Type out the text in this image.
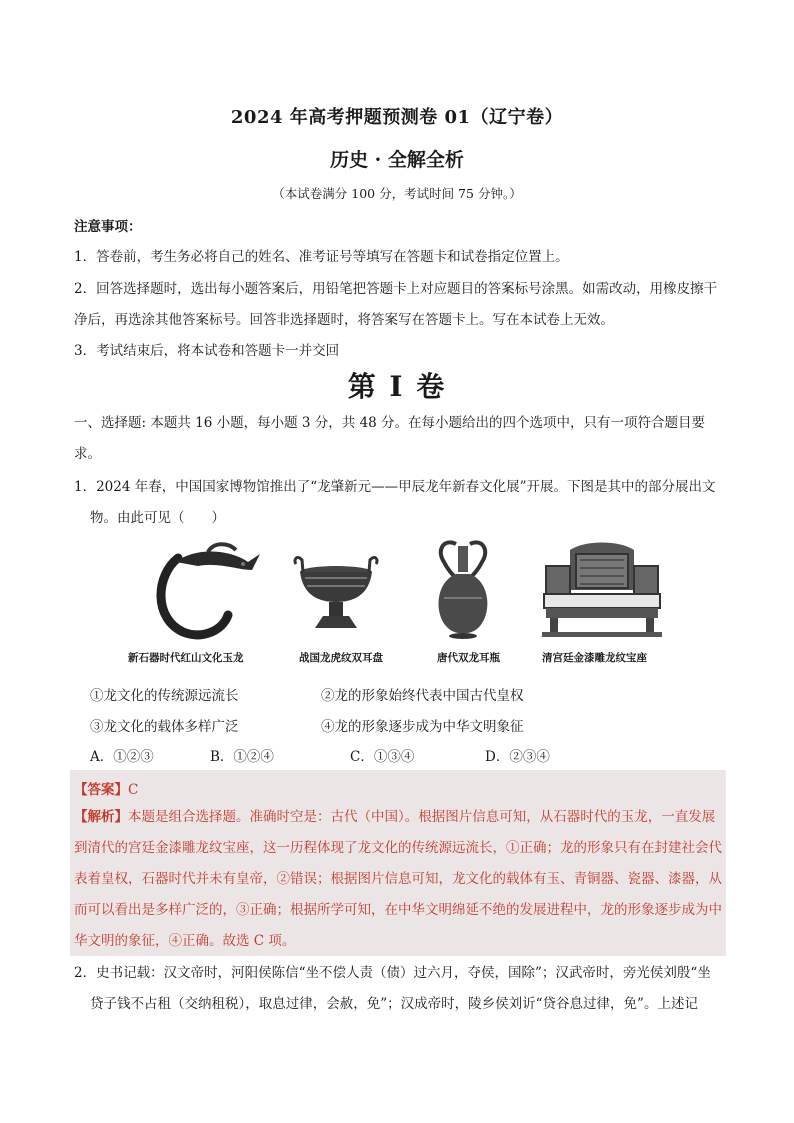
2024 年高考押题预测卷 01（辽宁卷）
历史 · 全解全析
（本试卷满分 100 分，考试时间 75 分钟。）
注意事项：
1．答卷前，考生务必将自己的姓名、准考证号等填写在答题卡和试卷指定位置上。
2．回答选择题时，选出每小题答案后，用铅笔把答题卡上对应题目的答案标号涂黑。如需改动，用橡皮擦干净后，再选涂其他答案标号。回答非选择题时，将答案写在答题卡上。写在本试卷上无效。
3．考试结束后，将本试卷和答题卡一并交回
第 I 卷
一、选择题: 本题共 16 小题，每小题 3 分，共 48 分。在每小题给出的四个选项中，只有一项符合题目要求。
1．2024 年春，中国国家博物馆推出了“龙肇新元——甲辰龙年新春文化展”开展。下图是其中的部分展出文
物。由此可见（　　）
新石器时代红山文化玉龙	战国龙虎纹双耳盘	唐代双龙耳瓶	清宫廷金漆雕龙纹宝座
①龙文化的传统源远流长	②龙的形象始终代表中国古代皇权
③龙文化的载体多样广泛	④龙的形象逐步成为中华文明象征
A．①②③	B．①②④	C．①③④	D．②③④
【答案】C
【解析】本题是组合选择题。准确时空是：古代（中国）。根据图片信息可知，从石器时代的玉龙，一直发展到清代的宫廷金漆雕龙纹宝座，这一历程体现了龙文化的传统源远流长，①正确；龙的形象只有在封建社会代表着皇权，石器时代并未有皇帝，②错误；根据图片信息可知，龙文化的载体有玉、青铜器、瓷器、漆器，从而可以看出是多样广泛的，③正确；根据所学可知，在中华文明绵延不绝的发展进程中，龙的形象逐步成为中华文明的象征，④正确。故选 C 项。
2．史书记载：汉文帝时，河阳侯陈信“坐不偿人责（债）过六月，夺侯，国除”；汉武帝时，旁光侯刘殷“坐
贷子钱不占租（交纳租税），取息过律，会赦，免”；汉成帝时，陵乡侯刘䜣“贷谷息过律，免”。上述记
